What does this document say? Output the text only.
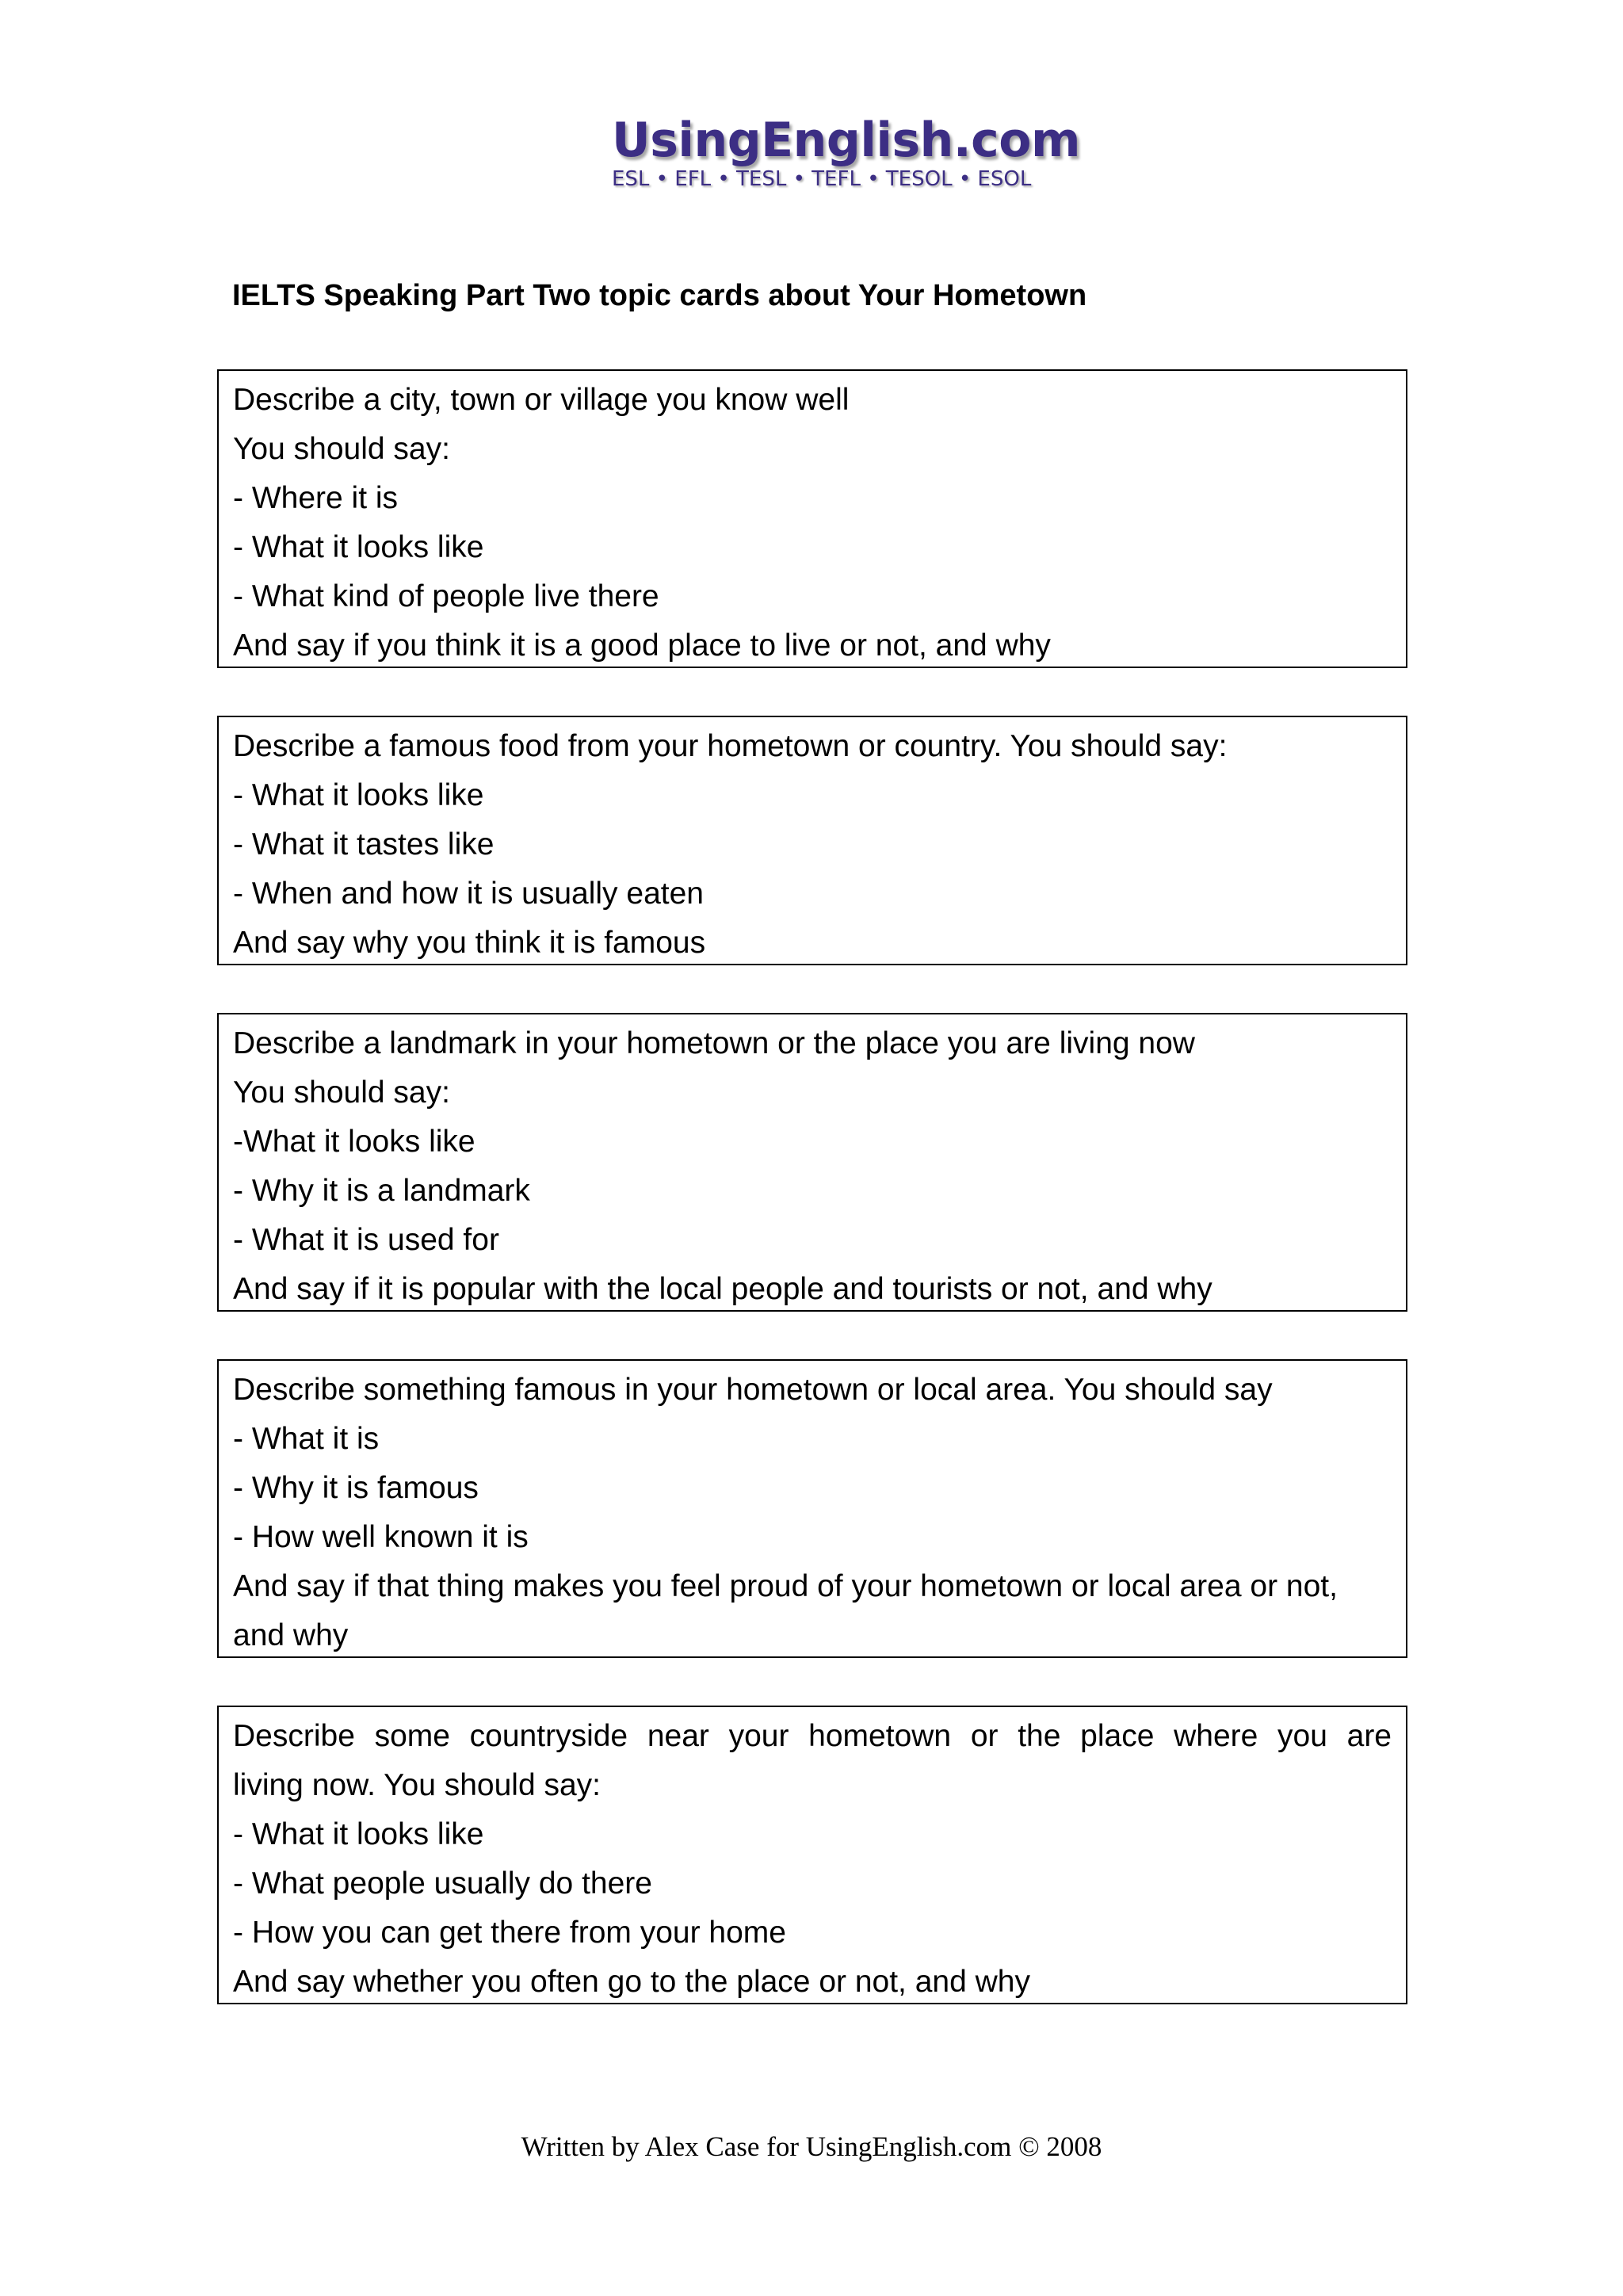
UsingEnglish.com
ESL • EFL • TESL • TEFL • TESOL • ESOL
IELTS Speaking Part Two topic cards about Your Hometown
Describe a city, town or village you know well
You should say:
- Where it is
- What it looks like
- What kind of people live there
And say if you think it is a good place to live or not, and why
Describe a famous food from your hometown or country. You should say:
- What it looks like
- What it tastes like
- When and how it is usually eaten
And say why you think it is famous
Describe a landmark in your hometown or the place you are living now
You should say:
-What it looks like
- Why it is a landmark
- What it is used for
And say if it is popular with the local people and tourists or not, and why
Describe something famous in your hometown or local area. You should say
- What it is
- Why it is famous
- How well known it is
And say if that thing makes you feel proud of your hometown or local area or not,
and why
Describe some countryside near your hometown or the place where you are
living now. You should say:
- What it looks like
- What people usually do there
- How you can get there from your home
And say whether you often go to the place or not, and why
Written by Alex Case for UsingEnglish.com © 2008
